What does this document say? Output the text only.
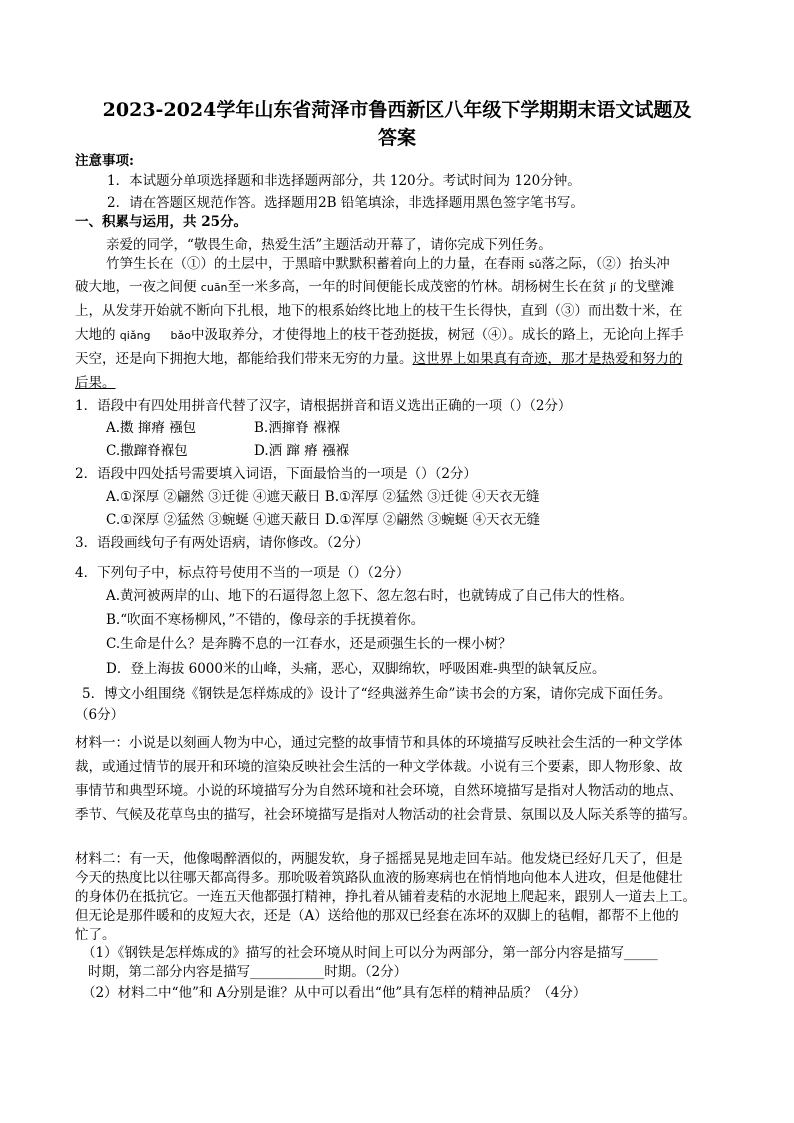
2023-2024学年山东省菏泽市鲁西新区八年级下学期期末语文试题及
答案
注意事项:
1．本试题分单项选择题和非选择题两部分，共 120分。考试时间为 120分钟。
2．请在答题区规范作答。选择题用2B 铅笔填涂，非选择题用黑色签字笔书写。
一、积累与运用，共 25分。
亲爱的同学，“敬畏生命，热爱生活”主题活动开幕了，请你完成下列任务。
竹笋生长在（①）的土层中，于黑暗中默默积蓄着向上的力量，在春雨 sǔ落之际，（②）抬头冲
破大地，一夜之间便 cuān至一米多高，一年的时间便能长成茂密的竹林。胡杨树生长在贫 jí 的戈壁滩
上，从发芽开始就不断向下扎根，地下的根系始终比地上的枝干生长得快，直到（③）而出数十米，在
大地的 qiǎng bǎo中汲取养分，才使得地上的枝干苍劲挺拔，树冠（④）。成长的路上，无论向上挥手
天空，还是向下拥抱大地，都能给我们带来无穷的力量。这世界上如果真有奇迹，那才是热爱和努力的
后果。
1．语段中有四处用拼音代替了汉字，请根据拼音和语义选出正确的一项（）（2分）
A.擞 撺瘠 襁包	B.洒撺脊 褓褓
C.撒蹿脊褓包	D.洒 蹿 瘠 襁褓
2．语段中四处括号需要填入词语，下面最恰当的一项是（）（2分）
A.①深厚 ②翩然 ③迁徙 ④遮天蔽日 B.①浑厚 ②猛然 ③迁徙 ④天衣无缝
C.①深厚 ②猛然 ③蜿蜒 ④遮天蔽日 D.①浑厚 ②翩然 ③蜿蜒 ④天衣无缝
3．语段画线句子有两处语病，请你修改。（2分）
4．下列句子中，标点符号使用不当的一项是（）（2分）
A.黄河被两岸的山、地下的石逼得忽上忽下、忽左忽右时，也就铸成了自己伟大的性格。
B.“吹面不寒杨柳风，”不错的，像母亲的手抚摸着你。
C.生命是什么？是奔腾不息的一江春水，还是顽强生长的一棵小树？
D．登上海拔 6000米的山峰，头痛，恶心，双脚绵软，呼吸困难-典型的缺氧反应。
5．博文小组围绕《钢铁是怎样炼成的》设计了“经典滋养生命”读书会的方案，请你完成下面任务。
（6分）
材料一：小说是以刻画人物为中心，通过完整的故事情节和具体的环境描写反映社会生活的一种文学体
裁，或通过情节的展开和环境的渲染反映社会生活的一种文学体裁。小说有三个要素，即人物形象、故
事情节和典型环境。小说的环境描写分为自然环境和社会环境，自然环境描写是指对人物活动的地点、
季节、气候及花草鸟虫的描写，社会环境描写是指对人物活动的社会背景、氛围以及人际关系等的描写。
材料二：有一天，他像喝醉酒似的，两腿发软，身子摇摇晃晃地走回车站。他发烧已经好几天了，但是
今天的热度比以往哪天都高得多。那吮吸着筑路队血液的肠寒病也在悄悄地向他本人进攻，但是他健壮
的身体仍在抵抗它。一连五天他都强打精神，挣扎着从铺着麦秸的水泥地上爬起来，跟别人一道去上工。
但无论是那件暖和的皮短大衣，还是（A）送给他的那双已经套在冻坏的双脚上的毡帽，都帮不上他的
忙了。
（1）《钢铁是怎样炼成的》描写的社会环境从时间上可以分为两部分，第一部分内容是描写_____
时期，第二部分内容是描写___________时期。（2分）
（2）材料二中“他”和 A分别是谁？从中可以看出“他”具有怎样的精神品质？（4分）
